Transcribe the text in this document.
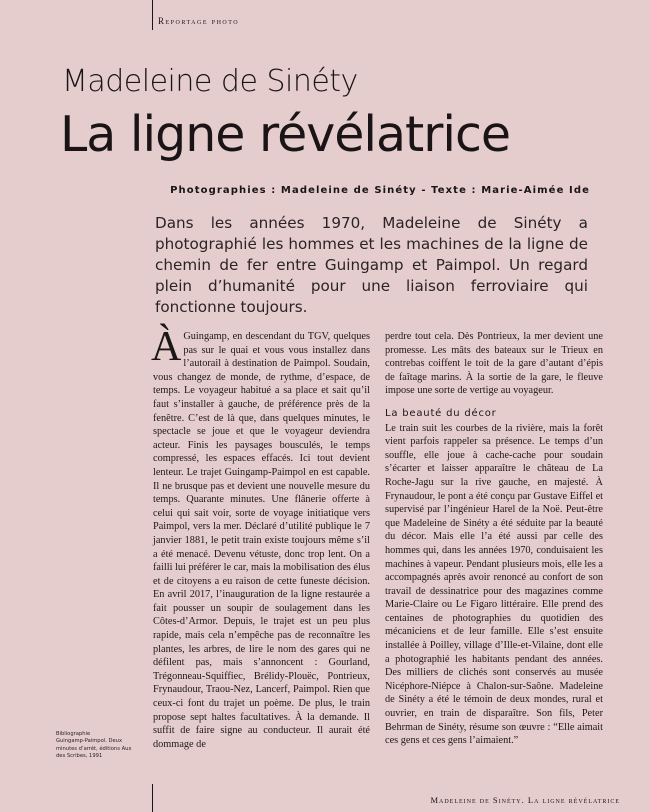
Reportage photo
Madeleine de Sinéty
La ligne révélatrice
Photographies : Madeleine de Sinéty - Texte : Marie-Aimée Ide
Dans les années 1970, Madeleine de Sinéty a photographié les hommes et les machines de la ligne de chemin de fer entre Guingamp et Paimpol. Un regard plein d’humanité pour une liaison ferroviaire qui fonctionne toujours.
À Guingamp, en descendant du TGV, quelques pas sur le quai et vous vous installez dans l’autorail à destination de Paimpol. Soudain, vous changez de monde, de rythme, d’espace, de temps. Le voyageur habitué a sa place et sait qu’il faut s’installer à gauche, de préférence près de la fenêtre. C’est de là que, dans quelques minutes, le spectacle se joue et que le voyageur deviendra acteur. Finis les paysages bousculés, le temps compressé, les espaces effacés. Ici tout devient lenteur. Le trajet Guingamp-Paimpol en est capable. Il ne brusque pas et devient une nouvelle mesure du temps. Quarante minutes. Une flânerie offerte à celui qui sait voir, sorte de voyage initiatique vers Paimpol, vers la mer. Déclaré d’utilité publique le 7 janvier 1881, le petit train existe toujours même s’il a été menacé. Devenu vétuste, donc trop lent. On a failli lui préférer le car, mais la mobilisation des élus et de citoyens a eu raison de cette funeste décision. En avril 2017, l’inauguration de la ligne restaurée a fait pousser un soupir de soulagement dans les Côtes-d’Armor. Depuis, le trajet est un peu plus rapide, mais cela n’empêche pas de reconnaître les plantes, les arbres, de lire le nom des gares qui ne défilent pas, mais s’annoncent : Gourland, Trégonneau-Squiffiec, Brélidy-Plouëc, Pontrieux, Frynaudour, Traou-Nez, Lancerf, Paimpol. Rien que ceux-ci font du trajet un poème. De plus, le train propose sept haltes facultatives. À la demande. Il suffit de faire signe au conducteur. Il aurait été dommage de

perdre tout cela. Dès Pontrieux, la mer devient une promesse. Les mâts des bateaux sur le Trieux en contrebas coiffent le toit de la gare d’autant d’épis de faîtage marins. À la sortie de la gare, le fleuve impose une sorte de vertige au voyageur.

La beauté du décor

Le train suit les courbes de la rivière, mais la forêt vient parfois rappeler sa présence. Le temps d’un souffle, elle joue à cache-cache pour soudain s’écarter et laisser apparaître le château de La Roche-Jagu sur la rive gauche, en majesté. À Frynaudour, le pont a été conçu par Gustave Eiffel et supervisé par l’ingénieur Harel de la Noë. Peut-être que Madeleine de Sinéty a été séduite par la beauté du décor. Mais elle l’a été aussi par celle des hommes qui, dans les années 1970, conduisaient les machines à vapeur. Pendant plusieurs mois, elle les a accompagnés après avoir renoncé au confort de son travail de dessinatrice pour des magazines comme Marie-Claire ou Le Figaro littéraire. Elle prend des centaines de photographies du quotidien des mécaniciens et de leur famille. Elle s’est ensuite installée à Poilley, village d’Ille-et-Vilaine, dont elle a photographié les habitants pendant des années. Des milliers de clichés sont conservés au musée Nicéphore-Niépce à Chalon-sur-Saône. Madeleine de Sinéty a été le témoin de deux mondes, rural et ouvrier, en train de disparaître. Son fils, Peter Behrman de Sinéty, résume son œuvre : “Elle aimait ces gens et ces gens l’aimaient.”

Bibliographie
Guingamp-Paimpol. Deux minutes d’arrêt, éditions Aux des Scribes, 1991
Madeleine de Sinéty. La ligne révélatrice
